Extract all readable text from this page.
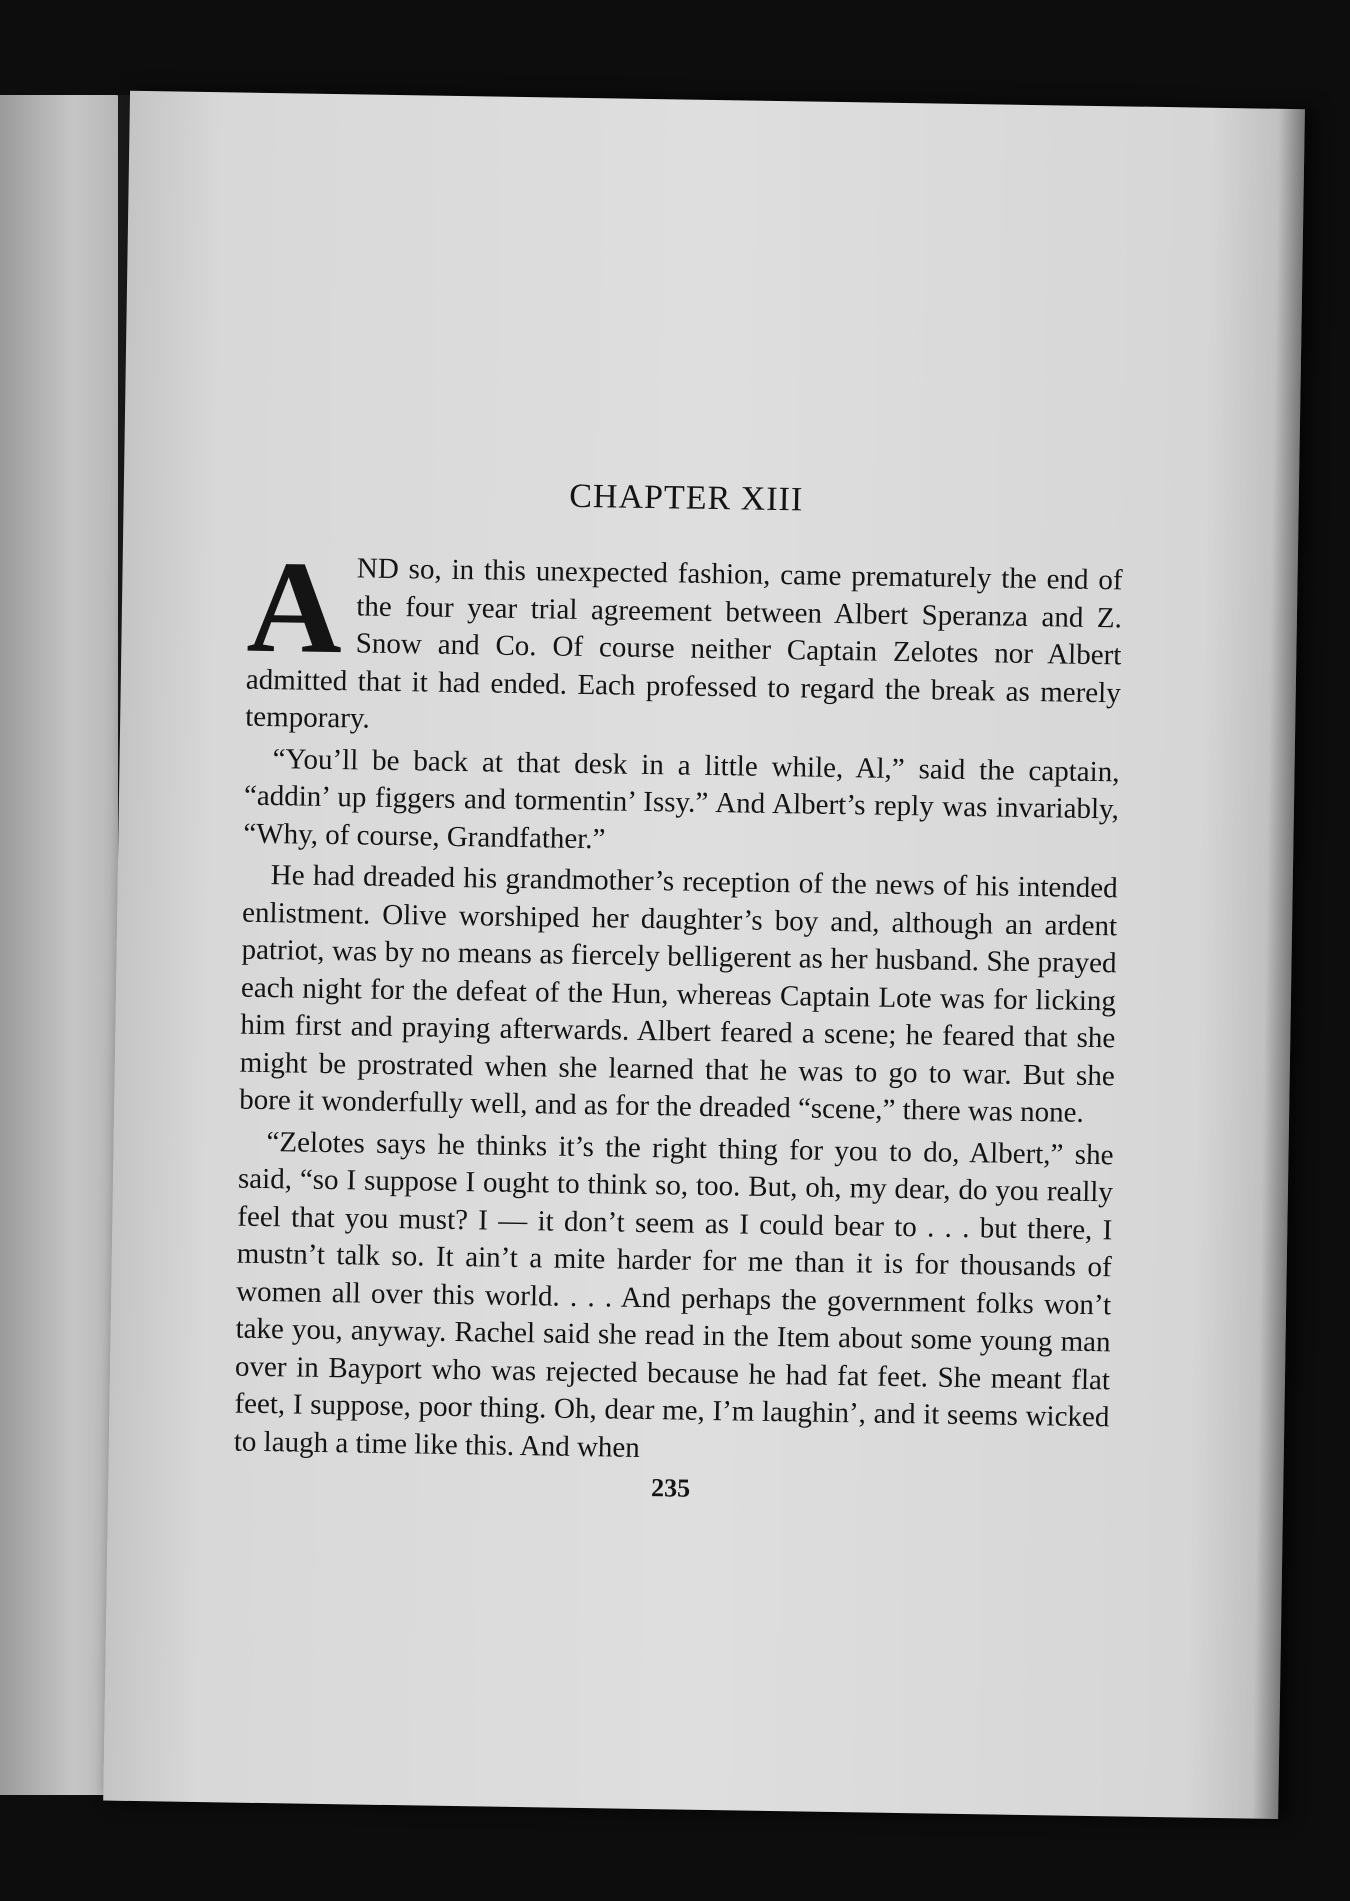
CHAPTER XIII

AND so, in this unexpected fashion, came prematurely the end of the four year trial agreement between Albert Speranza and Z. Snow and Co. Of course neither Captain Zelotes nor Albert admitted that it had ended. Each professed to regard the break as merely temporary.

“You’ll be back at that desk in a little while, Al,” said the captain, “addin’ up figgers and tormentin’ Issy.” And Albert’s reply was invariably, “Why, of course, Grandfather.”

He had dreaded his grandmother’s reception of the news of his intended enlistment. Olive worshiped her daughter’s boy and, although an ardent patriot, was by no means as fiercely belligerent as her husband. She prayed each night for the defeat of the Hun, whereas Captain Lote was for licking him first and praying afterwards. Albert feared a scene; he feared that she might be prostrated when she learned that he was to go to war. But she bore it wonderfully well, and as for the dreaded “scene,” there was none.

“Zelotes says he thinks it’s the right thing for you to do, Albert,” she said, “so I suppose I ought to think so, too. But, oh, my dear, do you really feel that you must? I — it don’t seem as I could bear to . . . but there, I mustn’t talk so. It ain’t a mite harder for me than it is for thousands of women all over this world. . . . And perhaps the government folks won’t take you, anyway. Rachel said she read in the Item about some young man over in Bayport who was rejected because he had fat feet. She meant flat feet, I suppose, poor thing. Oh, dear me, I’m laughin’, and it seems wicked to laugh a time like this. And when

235
